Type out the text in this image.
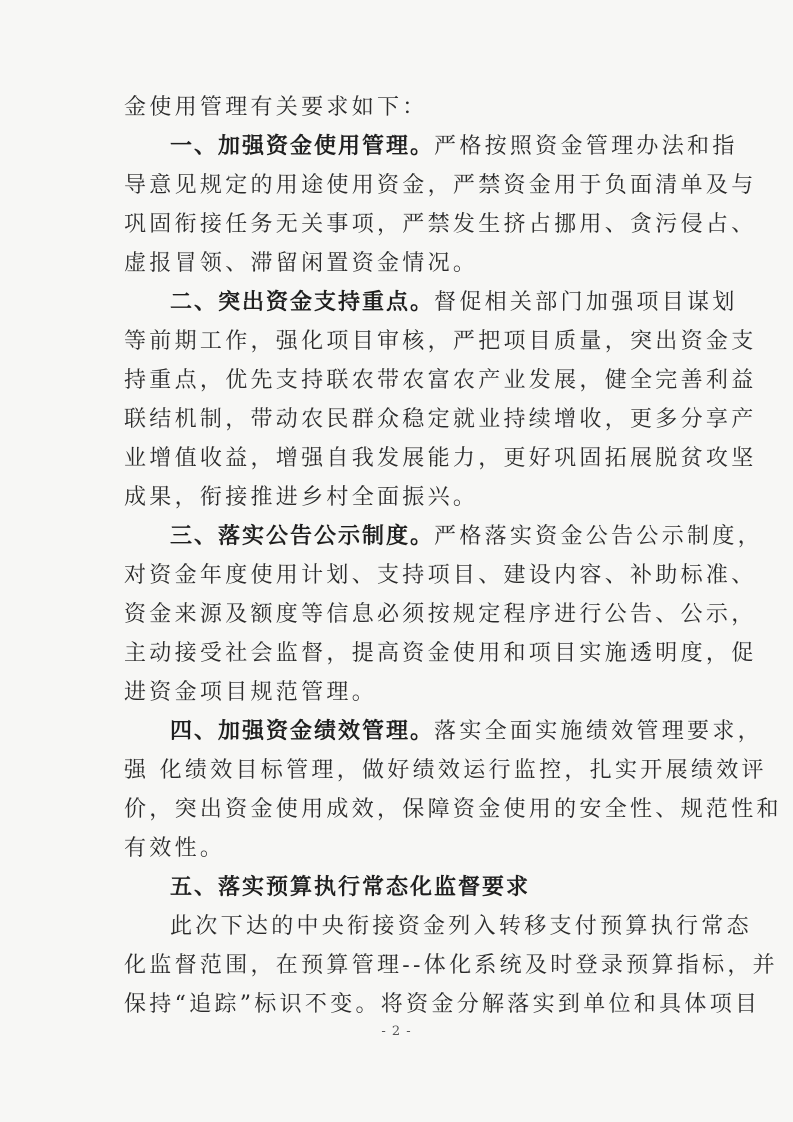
金使用管理有关要求如下：
一、加强资金使用管理。严格按照资金管理办法和指
导意见规定的用途使用资金，严禁资金用于负面清单及与
巩固衔接任务无关事项，严禁发生挤占挪用、贪污侵占、
虚报冒领、滞留闲置资金情况。
二、突出资金支持重点。督促相关部门加强项目谋划
等前期工作，强化项目审核，严把项目质量，突出资金支
持重点，优先支持联农带农富农产业发展，健全完善利益
联结机制，带动农民群众稳定就业持续增收，更多分享产
业增值收益，增强自我发展能力，更好巩固拓展脱贫攻坚
成果，衔接推进乡村全面振兴。
三、落实公告公示制度。严格落实资金公告公示制度，
对资金年度使用计划、支持项目、建设内容、补助标准、
资金来源及额度等信息必须按规定程序进行公告、公示，
主动接受社会监督，提高资金使用和项目实施透明度，促
进资金项目规范管理。
四、加强资金绩效管理。落实全面实施绩效管理要求，
强 化绩效目标管理，做好绩效运行监控，扎实开展绩效评
价，突出资金使用成效，保障资金使用的安全性、规范性和
有效性。
五、落实预算执行常态化监督要求
此次下达的中央衔接资金列入转移支付预算执行常态
化监督范围，在预算管理--体化系统及时登录预算指标，并
保持“追踪”标识不变。将资金分解落实到单位和具体项目
- 2 -
